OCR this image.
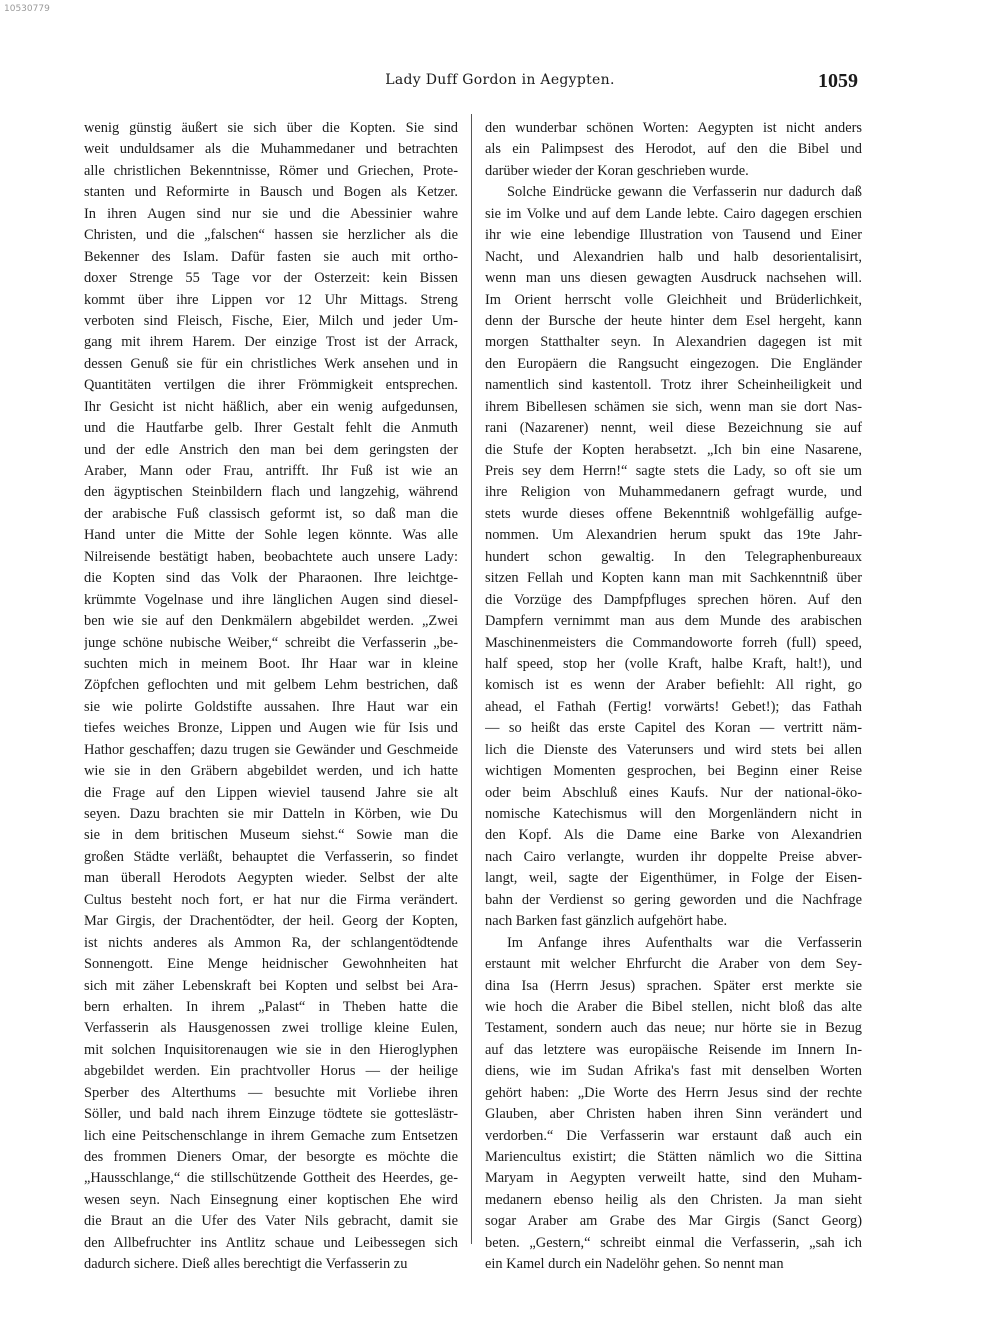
10530779
Lady Duff Gordon in Aegypten.	1059
wenig günstig äußert sie sich über die Kopten. Sie sind
weit unduldsamer als die Muhammedaner und betrachten
alle christlichen Bekenntnisse, Römer und Griechen, Prote-
stanten und Reformirte in Bausch und Bogen als Ketzer.
In ihren Augen sind nur sie und die Abessinier wahre
Christen, und die „falschen“ hassen sie herzlicher als die
Bekenner des Islam. Dafür fasten sie auch mit ortho-
doxer Strenge 55 Tage vor der Osterzeit: kein Bissen
kommt über ihre Lippen vor 12 Uhr Mittags. Streng
verboten sind Fleisch, Fische, Eier, Milch und jeder Um-
gang mit ihrem Harem. Der einzige Trost ist der Arrack,
dessen Genuß sie für ein christliches Werk ansehen und in
Quantitäten vertilgen die ihrer Frömmigkeit entsprechen.
Ihr Gesicht ist nicht häßlich, aber ein wenig aufgedunsen,
und die Hautfarbe gelb. Ihrer Gestalt fehlt die Anmuth
und der edle Anstrich den man bei dem geringsten der
Araber, Mann oder Frau, antrifft. Ihr Fuß ist wie an
den ägyptischen Steinbildern flach und langzehig, während
der arabische Fuß classisch geformt ist, so daß man die
Hand unter die Mitte der Sohle legen könnte. Was alle
Nilreisende bestätigt haben, beobachtete auch unsere Lady:
die Kopten sind das Volk der Pharaonen. Ihre leichtge-
krümmte Vogelnase und ihre länglichen Augen sind diesel-
ben wie sie auf den Denkmälern abgebildet werden. „Zwei
junge schöne nubische Weiber,“ schreibt die Verfasserin „be-
suchten mich in meinem Boot. Ihr Haar war in kleine
Zöpfchen geflochten und mit gelbem Lehm bestrichen, daß
sie wie polirte Goldstifte aussahen. Ihre Haut war ein
tiefes weiches Bronze, Lippen und Augen wie für Isis und
Hathor geschaffen; dazu trugen sie Gewänder und Geschmeide
wie sie in den Gräbern abgebildet werden, und ich hatte
die Frage auf den Lippen wieviel tausend Jahre sie alt
seyen. Dazu brachten sie mir Datteln in Körben, wie Du
sie in dem britischen Museum siehst.“ Sowie man die
großen Städte verläßt, behauptet die Verfasserin, so findet
man überall Herodots Aegypten wieder. Selbst der alte
Cultus besteht noch fort, er hat nur die Firma verändert.
Mar Girgis, der Drachentödter, der heil. Georg der Kopten,
ist nichts anderes als Ammon Ra, der schlangentödtende
Sonnengott. Eine Menge heidnischer Gewohnheiten hat
sich mit zäher Lebenskraft bei Kopten und selbst bei Ara-
bern erhalten. In ihrem „Palast“ in Theben hatte die
Verfasserin als Hausgenossen zwei trollige kleine Eulen,
mit solchen Inquisitorenaugen wie sie in den Hieroglyphen
abgebildet werden. Ein prachtvoller Horus — der heilige
Sperber des Alterthums — besuchte mit Vorliebe ihren
Söller, und bald nach ihrem Einzuge tödtete sie gotteslästr-
lich eine Peitschenschlange in ihrem Gemache zum Entsetzen
des frommen Dieners Omar, der besorgte es möchte die
„Hausschlange,“ die stillschützende Gottheit des Heerdes, ge-
wesen seyn. Nach Einsegnung einer koptischen Ehe wird
die Braut an die Ufer des Vater Nils gebracht, damit sie
den Allbefruchter ins Antlitz schaue und Leibessegen sich
dadurch sichere. Dieß alles berechtigt die Verfasserin zu
den wunderbar schönen Worten: Aegypten ist nicht anders
als ein Palimpsest des Herodot, auf den die Bibel und
darüber wieder der Koran geschrieben wurde.
Solche Eindrücke gewann die Verfasserin nur dadurch daß
sie im Volke und auf dem Lande lebte. Cairo dagegen erschien
ihr wie eine lebendige Illustration von Tausend und Einer
Nacht, und Alexandrien halb und halb desorientalisirt,
wenn man uns diesen gewagten Ausdruck nachsehen will.
Im Orient herrscht volle Gleichheit und Brüderlichkeit,
denn der Bursche der heute hinter dem Esel hergeht, kann
morgen Statthalter seyn. In Alexandrien dagegen ist mit
den Europäern die Rangsucht eingezogen. Die Engländer
namentlich sind kastentoll. Trotz ihrer Scheinheiligkeit und
ihrem Bibellesen schämen sie sich, wenn man sie dort Nas-
rani (Nazarener) nennt, weil diese Bezeichnung sie auf
die Stufe der Kopten herabsetzt. „Ich bin eine Nasarene,
Preis sey dem Herrn!“ sagte stets die Lady, so oft sie um
ihre Religion von Muhammedanern gefragt wurde, und
stets wurde dieses offene Bekenntniß wohlgefällig aufge-
nommen. Um Alexandrien herum spukt das 19te Jahr-
hundert schon gewaltig. In den Telegraphenbureaux
sitzen Fellah und Kopten kann man mit Sachkenntniß über
die Vorzüge des Dampfpfluges sprechen hören. Auf den
Dampfern vernimmt man aus dem Munde des arabischen
Maschinenmeisters die Commandoworte forreh (full) speed,
half speed, stop her (volle Kraft, halbe Kraft, halt!), und
komisch ist es wenn der Araber befiehlt: All right, go
ahead, el Fathah (Fertig! vorwärts! Gebet!); das Fathah
— so heißt das erste Capitel des Koran — vertritt näm-
lich die Dienste des Vaterunsers und wird stets bei allen
wichtigen Momenten gesprochen, bei Beginn einer Reise
oder beim Abschluß eines Kaufs. Nur der national-öko-
nomische Katechismus will den Morgenländern nicht in
den Kopf. Als die Dame eine Barke von Alexandrien
nach Cairo verlangte, wurden ihr doppelte Preise abver-
langt, weil, sagte der Eigenthümer, in Folge der Eisen-
bahn der Verdienst so gering geworden und die Nachfrage
nach Barken fast gänzlich aufgehört habe.
Im Anfange ihres Aufenthalts war die Verfasserin
erstaunt mit welcher Ehrfurcht die Araber von dem Sey-
dina Isa (Herrn Jesus) sprachen. Später erst merkte sie
wie hoch die Araber die Bibel stellen, nicht bloß das alte
Testament, sondern auch das neue; nur hörte sie in Bezug
auf das letztere was europäische Reisende im Innern In-
diens, wie im Sudan Afrika's fast mit denselben Worten
gehört haben: „Die Worte des Herrn Jesus sind der rechte
Glauben, aber Christen haben ihren Sinn verändert und
verdorben.“ Die Verfasserin war erstaunt daß auch ein
Mariencultus existirt; die Stätten nämlich wo die Sittina
Maryam in Aegypten verweilt hatte, sind den Muham-
medanern ebenso heilig als den Christen. Ja man sieht
sogar Araber am Grabe des Mar Girgis (Sanct Georg)
beten. „Gestern,“ schreibt einmal die Verfasserin, „sah ich
ein Kamel durch ein Nadelöhr gehen. So nennt man
